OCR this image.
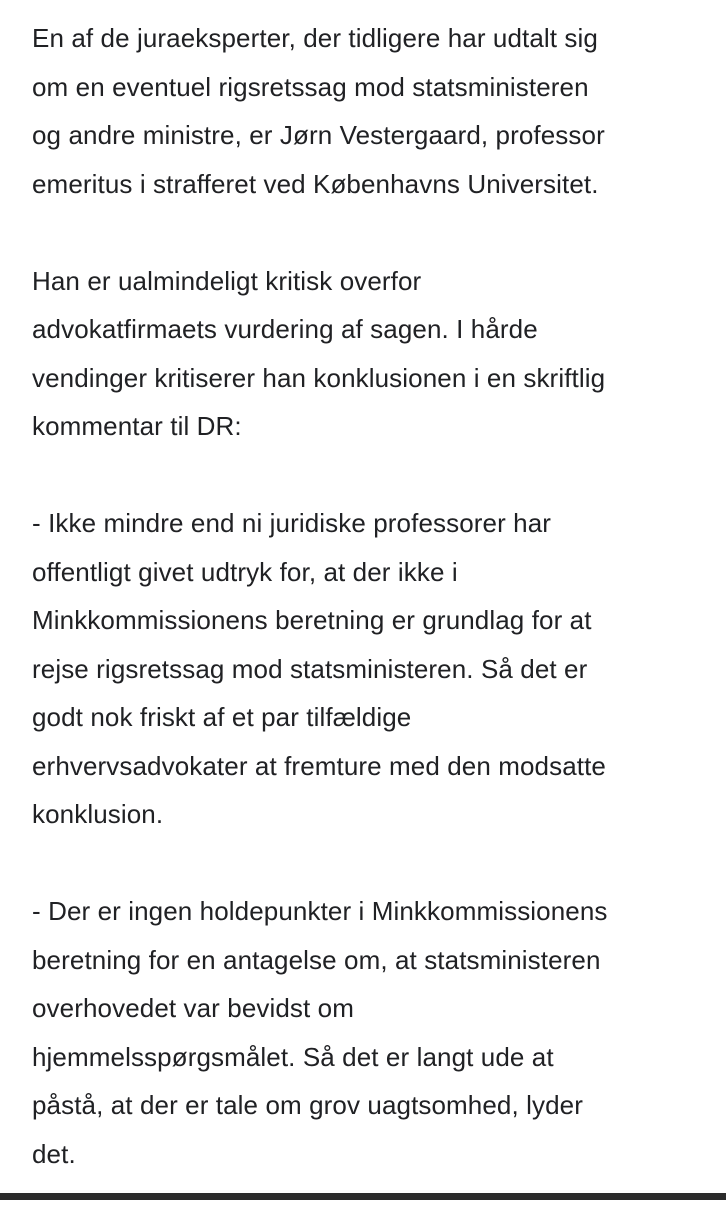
En af de juraeksperter, der tidligere har udtalt sig

om en eventuel rigsretssag mod statsministeren

og andre ministre, er Jørn Vestergaard, professor

emeritus i strafferet ved Københavns Universitet.

Han er ualmindeligt kritisk overfor

advokatfirmaets vurdering af sagen. I hårde

vendinger kritiserer han konklusionen i en skriftlig

kommentar til DR:

- Ikke mindre end ni juridiske professorer har

offentligt givet udtryk for, at der ikke i

Minkkommissionens beretning er grundlag for at

rejse rigsretssag mod statsministeren. Så det er

godt nok friskt af et par tilfældige

erhvervsadvokater at fremture med den modsatte

konklusion.

- Der er ingen holdepunkter i Minkkommissionens

beretning for en antagelse om, at statsministeren

overhovedet var bevidst om

hjemmelsspørgsmålet. Så det er langt ude at

påstå, at der er tale om grov uagtsomhed, lyder

det.
